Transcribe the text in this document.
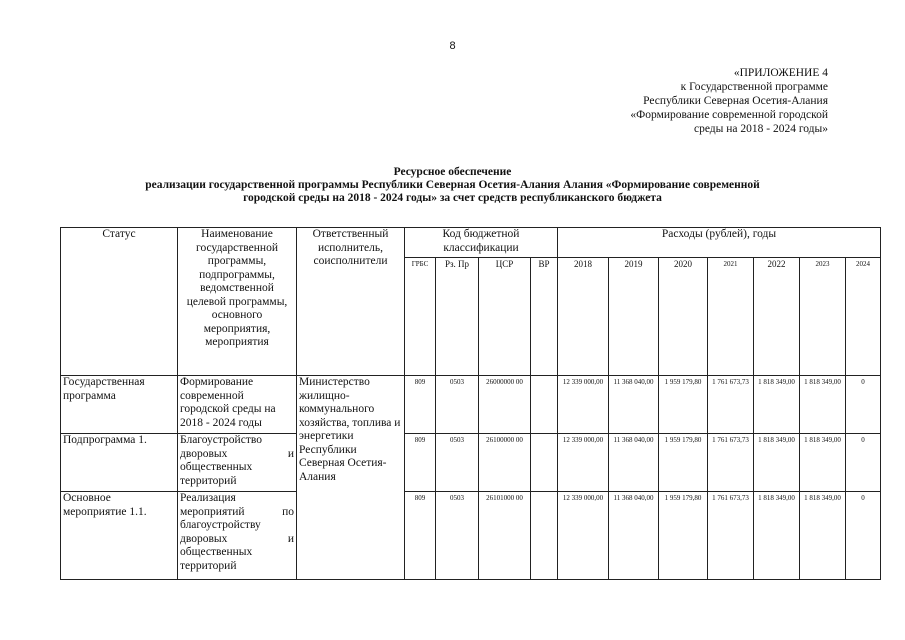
8
«ПРИЛОЖЕНИЕ 4
к Государственной программе
Республики Северная Осетия-Алания
«Формирование современной городской
среды на 2018 - 2024 годы»
Ресурсное обеспечение
реализации государственной программы Республики Северная Осетия-Алания Алания «Формирование современной
городской среды на 2018 - 2024 годы» за счет средств республиканского бюджета
Статус	Наименование государственной программы, подпрограммы, ведомственной целевой программы, основного мероприятия, мероприятия	Ответственный исполнитель, соисполнители	Код бюджетной классификации				Расходы (рублей), годы						
			ГРБС	Рз. Пр	ЦСР	ВР	2018	2019	2020	2021	2022	2023	2024
Государственная программа	Формирование современной городской среды на 2018 - 2024 годы	Министерство жилищно-коммунального хозяйства, топлива и энергетики Республики Северная Осетия-Алания	809	0503	26000000 00		12 339 000,00	11 368 040,00	1 959 179,80	1 761 673,73	1 818 349,00	1 818 349,00	0
Подпрограмма 1.	Благоустройство дворовых и общественных территорий		809	0503	26100000 00		12 339 000,00	11 368 040,00	1 959 179,80	1 761 673,73	1 818 349,00	1 818 349,00	0
Основное мероприятие 1.1.	Реализация мероприятий по благоустройству дворовых и общественных территорий		809	0503	26101000 00		12 339 000,00	11 368 040,00	1 959 179,80	1 761 673,73	1 818 349,00	1 818 349,00	0
